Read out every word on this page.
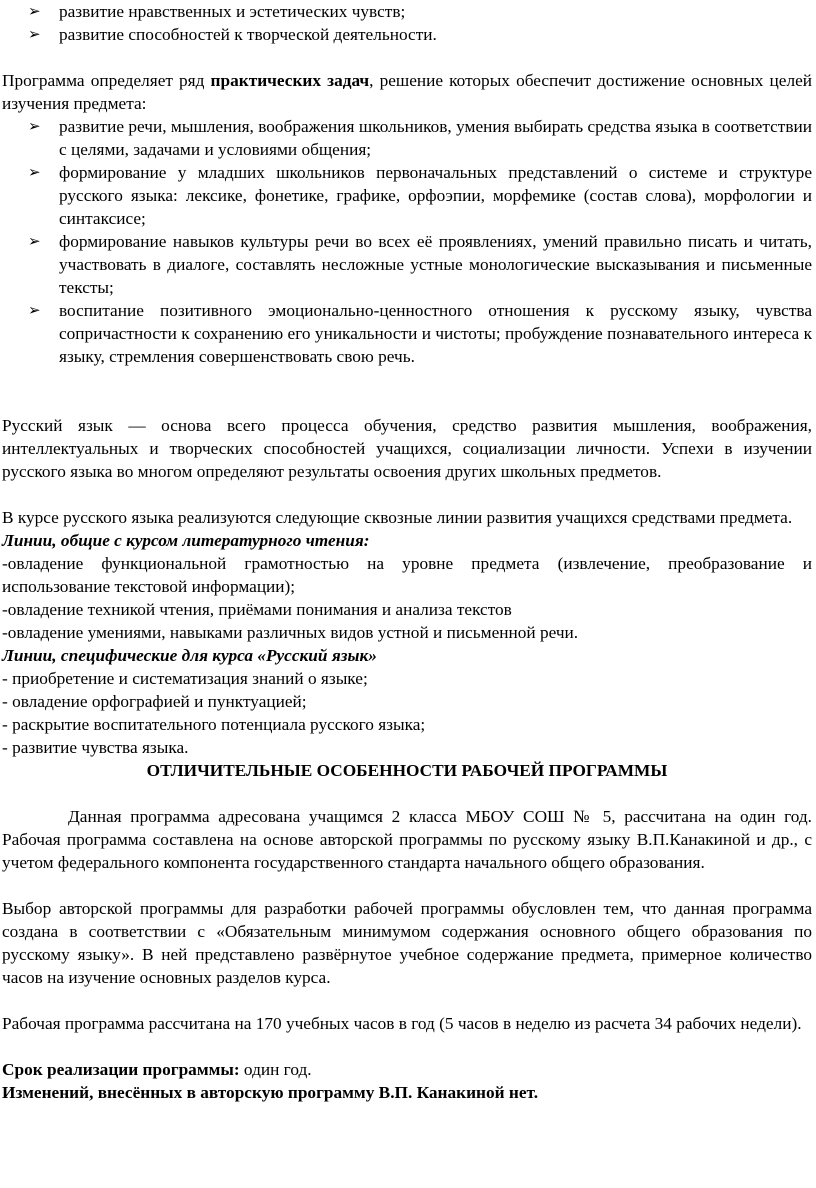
➢ развитие нравственных и эстетических чувств;
➢ развитие способностей к творческой деятельности.

Программа определяет ряд практических задач, решение которых обеспечит достижение основных целей изучения предмета:

➢ развитие речи, мышления, воображения школьников, умения выбирать средства языка в соответствии с целями, задачами и условиями общения;
➢ формирование у младших школьников первоначальных представлений о системе и структуре русского языка: лексике, фонетике, графике, орфоэпии, морфемике (состав слова), морфологии и синтаксисе;
➢ формирование навыков культуры речи во всех её проявлениях, умений правильно писать и читать, участвовать в диалоге, составлять несложные устные монологические высказывания и письменные тексты;
➢ воспитание позитивного эмоционально-ценностного отношения к русскому языку, чувства сопричастности к сохранению его уникальности и чистоты; пробуждение познавательного интереса к языку, стремления совершенствовать свою речь.

Русский язык — основа всего процесса обучения, средство развития мышления, воображения, интеллектуальных и творческих способностей учащихся, социализации личности. Успехи в изучении русского языка во многом определяют результаты освоения других школьных предметов.

В курсе русского языка реализуются следующие сквозные линии развития учащихся средствами предмета.

Линии, общие с курсом литературного чтения:

-овладение функциональной грамотностью на уровне предмета (извлечение, преобразование и использование текстовой информации);

-овладение техникой чтения, приёмами понимания и анализа текстов

-овладение умениями, навыками различных видов устной и письменной речи.

Линии, специфические для курса «Русский язык»

- приобретение и систематизация знаний о языке;

- овладение орфографией и пунктуацией;

- раскрытие воспитательного потенциала русского языка;

- развитие чувства языка.

ОТЛИЧИТЕЛЬНЫЕ ОСОБЕННОСТИ РАБОЧЕЙ ПРОГРАММЫ

Данная программа адресована учащимся 2 класса МБОУ СОШ № 5, рассчитана на один год. Рабочая программа составлена на основе авторской программы по русскому языку В.П.Канакиной и др., с учетом федерального компонента государственного стандарта начального общего образования.

Выбор авторской программы для разработки рабочей программы обусловлен тем, что данная программа создана в соответствии с «Обязательным минимумом содержания основного общего образования по русскому языку». В ней представлено развёрнутое учебное содержание предмета, примерное количество часов на изучение основных разделов курса.

Рабочая программа рассчитана на 170 учебных часов в год (5 часов в неделю из расчета 34 рабочих недели).

Срок реализации программы: один год.

Изменений, внесённых в авторскую программу В.П. Канакиной нет.
